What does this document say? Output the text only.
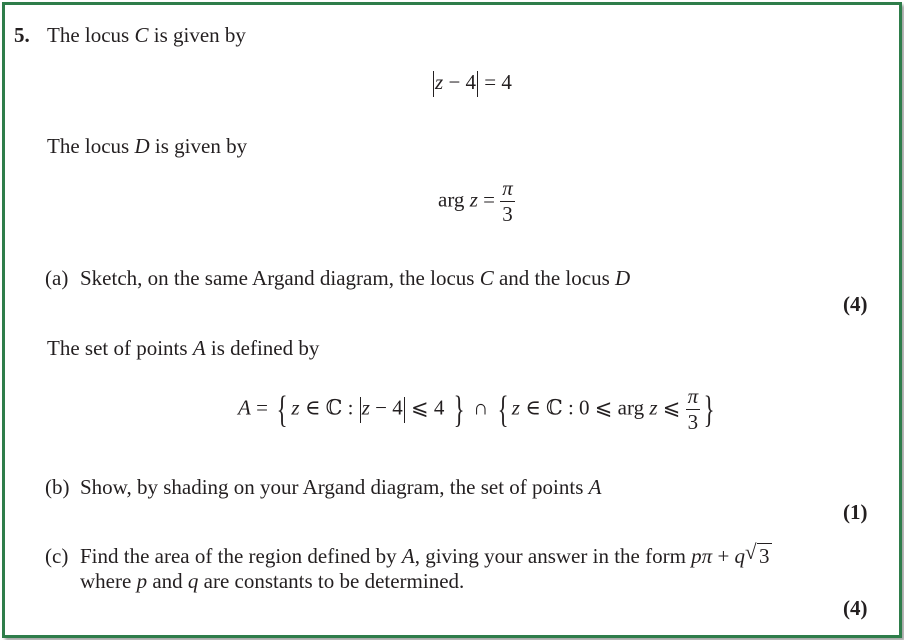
5. The locus C is given by
z − 4 = 4
The locus D is given by
arg $z = \frac{\pi}{3}$
(a) Sketch, on the same Argand diagram, the locus C and the locus D
(4)
The set of points A is defined by
A = { z ∈ ℂ : z − 4 ⩽ 4 } ∩ { z ∈ ℂ : 0 ⩽ arg z ⩽ $\frac{\pi}{3}$ }
(b) Show, by shading on your Argand diagram, the set of points A
(1)
(c) Find the area of the region defined by A, giving your answer in the form pπ + q √ 3
where p and q are constants to be determined.
(4)
